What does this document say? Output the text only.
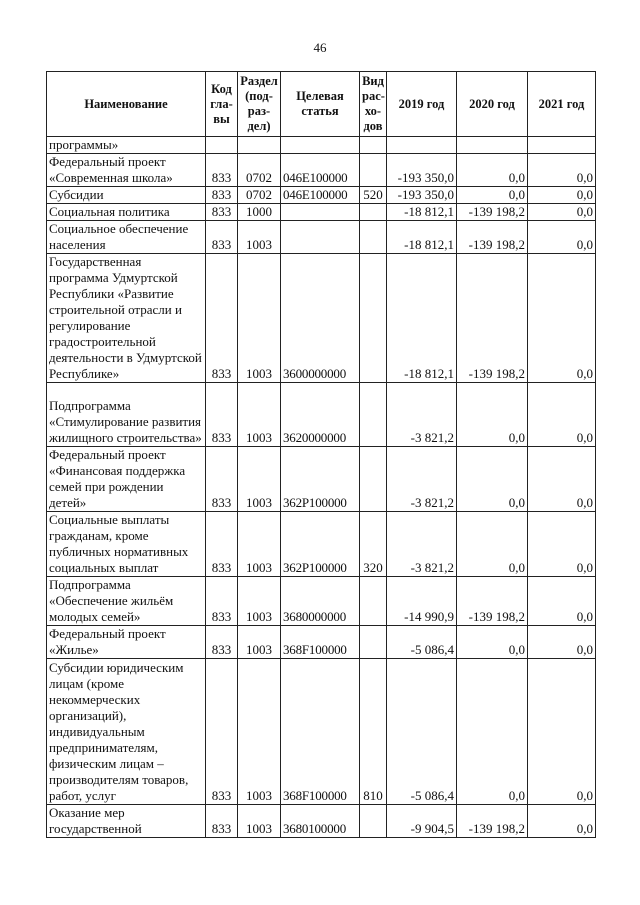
46
Наименование	Код гла-вы	Раздел (под-раз-дел)	Целевая статья	Вид рас-хо-дов	2019 год	2020 год	2021 год
программы»							
Федеральный проект «Современная школа»	833	0702	046E100000		-193 350,0	0,0	0,0
Субсидии	833	0702	046E100000	520	-193 350,0	0,0	0,0
Социальная политика	833	1000			-18 812,1	-139 198,2	0,0
Социальное обеспечение населения	833	1003			-18 812,1	-139 198,2	0,0
Государственная программа Удмуртской Республики «Развитие строительной отрасли и регулирование градостроительной деятельности в Удмуртской Республике»	833	1003	3600000000		-18 812,1	-139 198,2	0,0
Подпрограмма «Стимулирование развития жилищного строительства»	833	1003	3620000000		-3 821,2	0,0	0,0
Федеральный проект «Финансовая поддержка семей при рождении детей»	833	1003	362P100000		-3 821,2	0,0	0,0
Социальные выплаты гражданам, кроме публичных нормативных социальных выплат	833	1003	362P100000	320	-3 821,2	0,0	0,0
Подпрограмма «Обеспечение жильём молодых семей»	833	1003	3680000000		-14 990,9	-139 198,2	0,0
Федеральный проект «Жилье»	833	1003	368F100000		-5 086,4	0,0	0,0
Субсидии юридическим лицам (кроме некоммерческих организаций), индивидуальным предпринимателям, физическим лицам – производителям товаров, работ, услуг	833	1003	368F100000	810	-5 086,4	0,0	0,0
Оказание мер государственной	833	1003	3680100000		-9 904,5	-139 198,2	0,0
